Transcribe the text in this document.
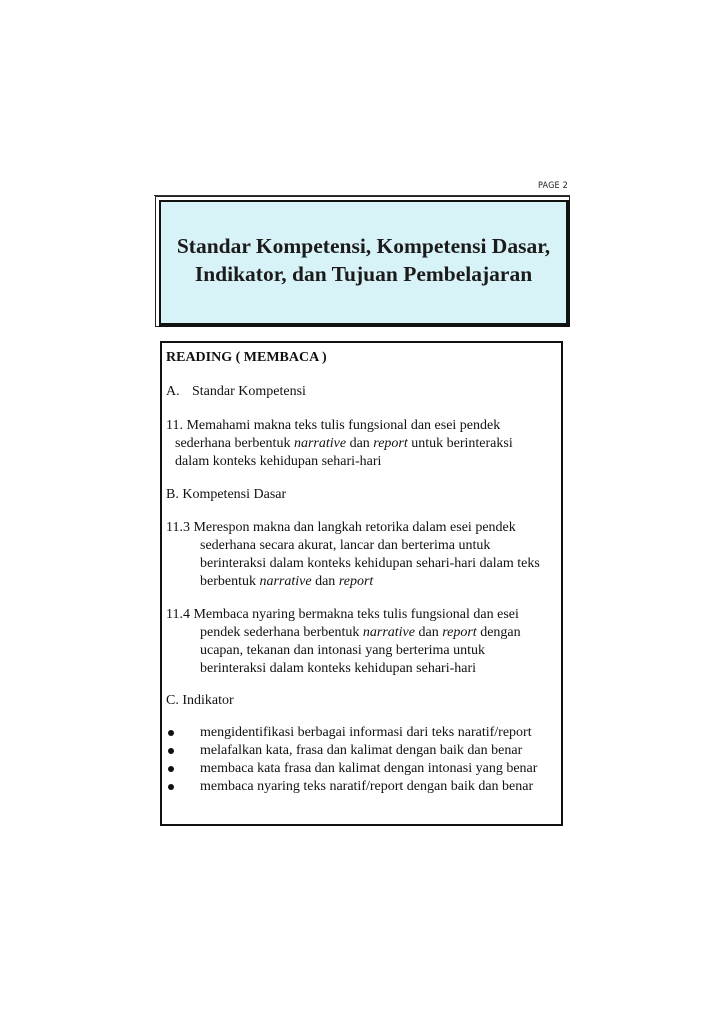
PAGE 2
Standar Kompetensi, Kompetensi Dasar,
Indikator, dan Tujuan Pembelajaran
READING ( MEMBACA )
A. Standar Kompetensi
11. Memahami makna teks tulis fungsional dan esei pendek
sederhana berbentuk narrative dan report untuk berinteraksi
dalam konteks kehidupan sehari-hari
B. Kompetensi Dasar
11.3 Merespon makna dan langkah retorika dalam esei pendek
sederhana secara akurat, lancar dan berterima untuk
berinteraksi dalam konteks kehidupan sehari-hari dalam teks
berbentuk narrative dan report
11.4 Membaca nyaring bermakna teks tulis fungsional dan esei
pendek sederhana berbentuk narrative dan report dengan
ucapan, tekanan dan intonasi yang berterima untuk
berinteraksi dalam konteks kehidupan sehari-hari
C. Indikator
mengidentifikasi berbagai informasi dari teks naratif/report
melafalkan kata, frasa dan kalimat dengan baik dan benar
membaca kata frasa dan kalimat dengan intonasi yang benar
membaca nyaring teks naratif/report dengan baik dan benar
